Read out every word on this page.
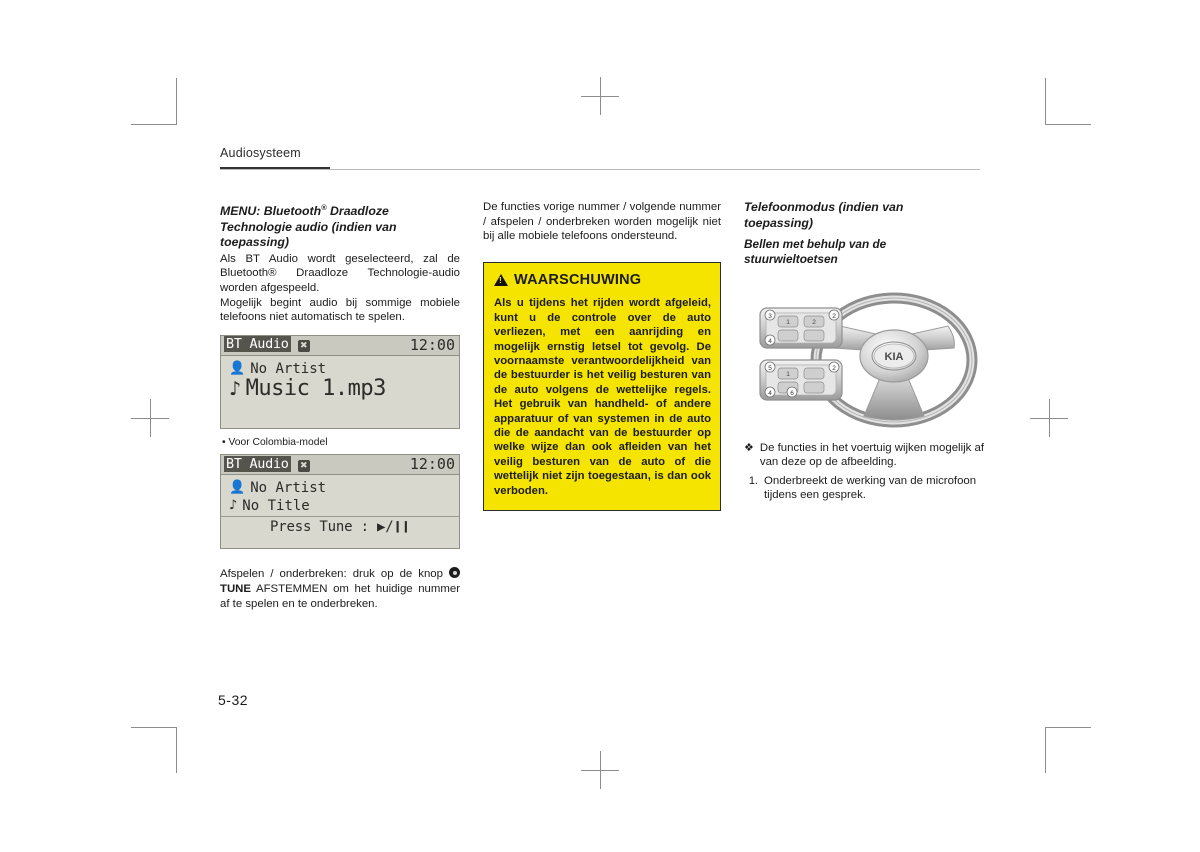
Audiosysteem
MENU: Bluetooth® Draadloze
Technologie audio (indien van
toepassing)

Als BT Audio wordt geselecteerd, zal de Bluetooth® Draadloze Technologie-audio worden afgespeeld.

Mogelijk begint audio bij sommige mobiele telefoons niet automatisch te spelen.

BT Audio ✖	12:00
👤 No Artist
♪ Music 1.mp3
• Voor Colombia-model
BT Audio ✖	12:00
👤 No Artist
♪ No Title
Press Tune : ▶/❙❙

Afspelen / onderbreken: druk op de knop  TUNE AFSTEMMEN om het huidige nummer af te spelen en te onderbreken.

De functies vorige nummer / volgende nummer / afspelen / onderbreken worden mogelijk niet bij alle mobiele telefoons ondersteund.

!
WAARSCHUWING

Als u tijdens het rijden wordt afgeleid, kunt u de controle over de auto verliezen, met een aanrijding en mogelijk ernstig letsel tot gevolg. De voornaamste verantwoordelijkheid van de bestuurder is het veilig besturen van de auto volgens de wettelijke regels. Het gebruik van handheld- of andere apparatuur of van systemen in de auto die de aandacht van de bestuurder op welke wijze dan ook afleiden van het veilig besturen van de auto of die wettelijk niet zijn toegestaan, is dan ook verboden.

Telefoonmodus (indien van
toepassing)
Bellen met behulp van de
stuurwieltoetsen
KIA
3	2
4
1	2
5	2
4	6
1
❖ De functies in het voertuig wijken mogelijk af van deze op de afbeelding.
1. Onderbreekt de werking van de microfoon tijdens een gesprek.
5-32
